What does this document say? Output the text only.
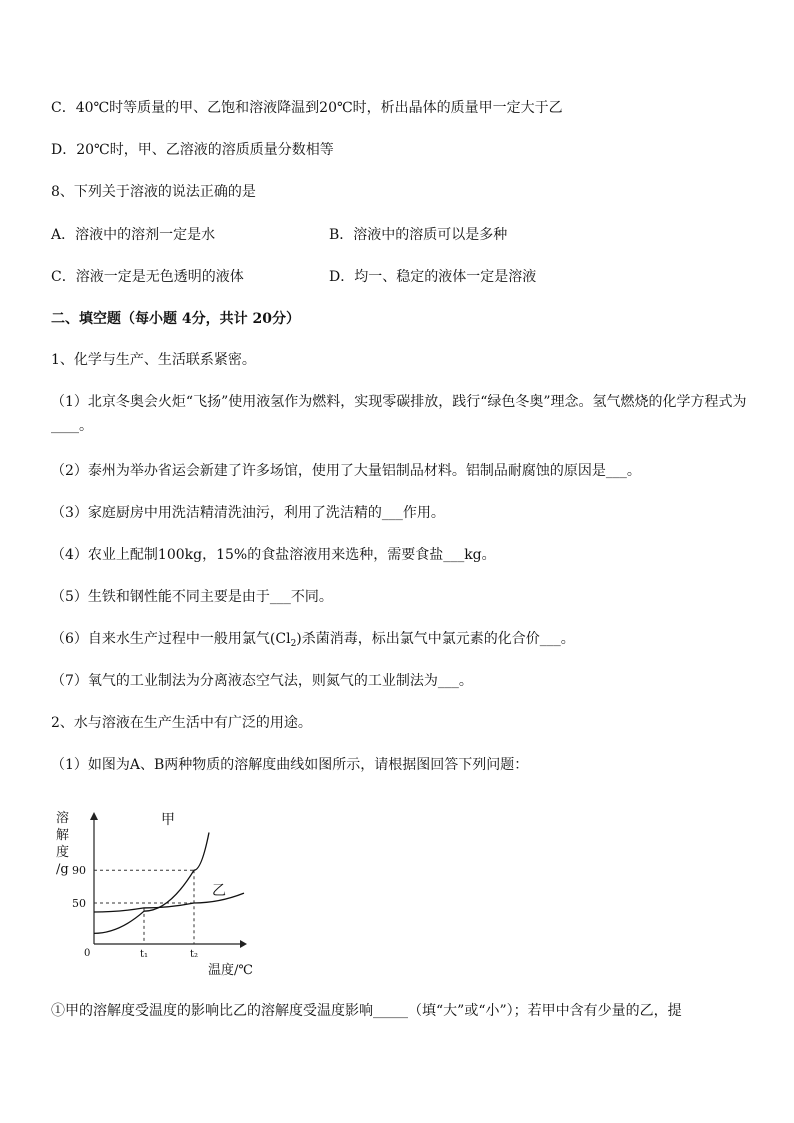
C．40℃时等质量的甲、乙饱和溶液降温到20℃时，析出晶体的质量甲一定大于乙
D．20℃时，甲、乙溶液的溶质质量分数相等
8、下列关于溶液的说法正确的是
A．溶液中的溶剂一定是水	B．溶液中的溶质可以是多种
C．溶液一定是无色透明的液体	D．均一、稳定的液体一定是溶液
二、填空题（每小题 4分，共计 20分）
1、化学与生产、生活联系紧密。
（1）北京冬奥会火炬“飞扬”使用液氢作为燃料，实现零碳排放，践行“绿色冬奥”理念。氢气燃烧的化学方程式为____。
（2）泰州为举办省运会新建了许多场馆，使用了大量铝制品材料。铝制品耐腐蚀的原因是___。
（3）家庭厨房中用洗洁精清洗油污，利用了洗洁精的___作用。
（4）农业上配制100kg，15%的食盐溶液用来选种，需要食盐___kg。
（5）生铁和钢性能不同主要是由于___不同。
（6）自来水生产过程中一般用氯气$(Cl_2)$杀菌消毒，标出氯气中氯元素的化合价___。
（7）氧气的工业制法为分离液态空气法，则氮气的工业制法为___。
2、水与溶液在生产生活中有广泛的用途。
（1）如图为A、B两种物质的溶解度曲线如图所示，请根据图回答下列问题：
溶
解
度
/g
0
温度/℃
90
50
t₁	t₂
甲
乙
①甲的溶解度受温度的影响比乙的溶解度受温度影响_____（填“大”或“小”）；若甲中含有少量的乙，提
